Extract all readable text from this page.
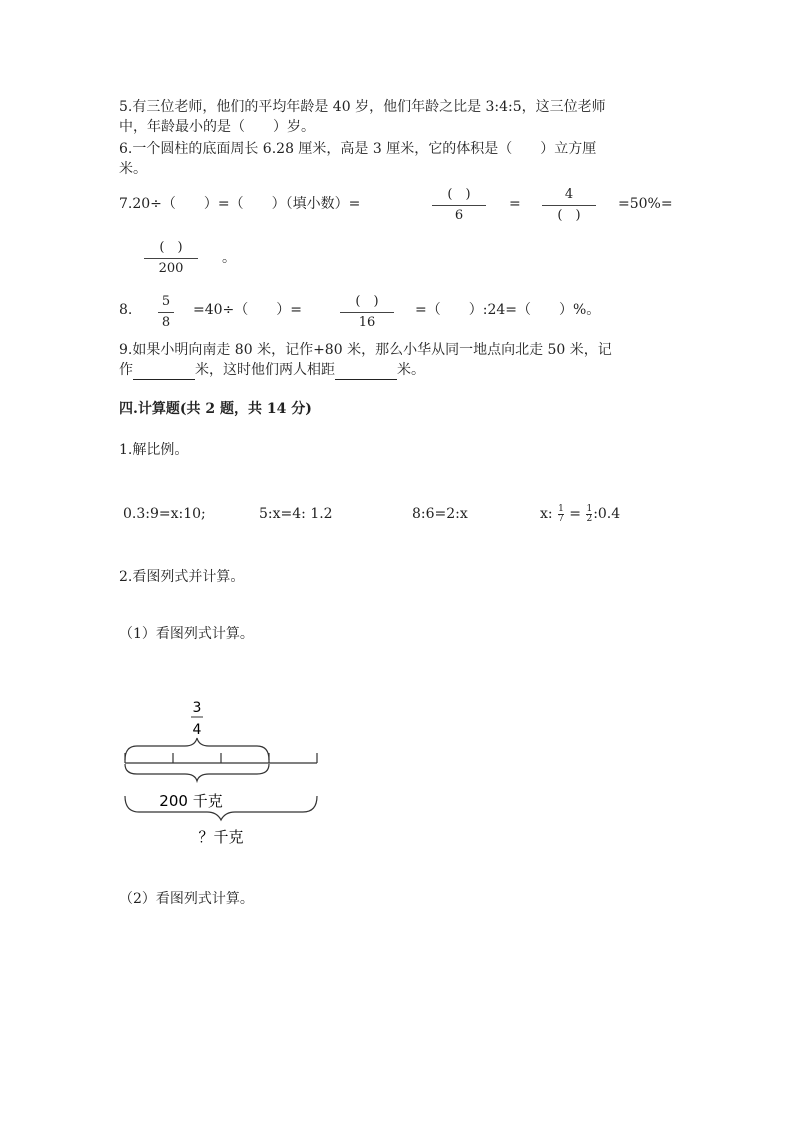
5.有三位老师，他们的平均年龄是 40 岁，他们年龄之比是 3:4:5，这三位老师
中，年龄最小的是（　　）岁。
6.一个圆柱的底面周长 6.28 厘米，高是 3 厘米，它的体积是（　　）立方厘
米。
7.20÷（　　）=（　　）（填小数）=
(　)
6
=
4
(　)
=50%=
(　)
200
。
8.
5
8
=40÷（　　）=
(　)
16
=（　　）:24=（　　）%。
9.如果小明向南走 80 米，记作+80 米，那么小华从同一地点向北走 50 米，记
作	米，这时他们两人相距	米。
四.计算题(共 2 题，共 14 分)
1.解比例。
0.3:9=x:10;	5:x=4: 1.2	8:6=2:x	x: $\frac{1}{7} = \frac{1}{2}$ :0.4
2.看图列式并计算。
（1）看图列式计算。
3
4
200 千克
？千克
（2）看图列式计算。
